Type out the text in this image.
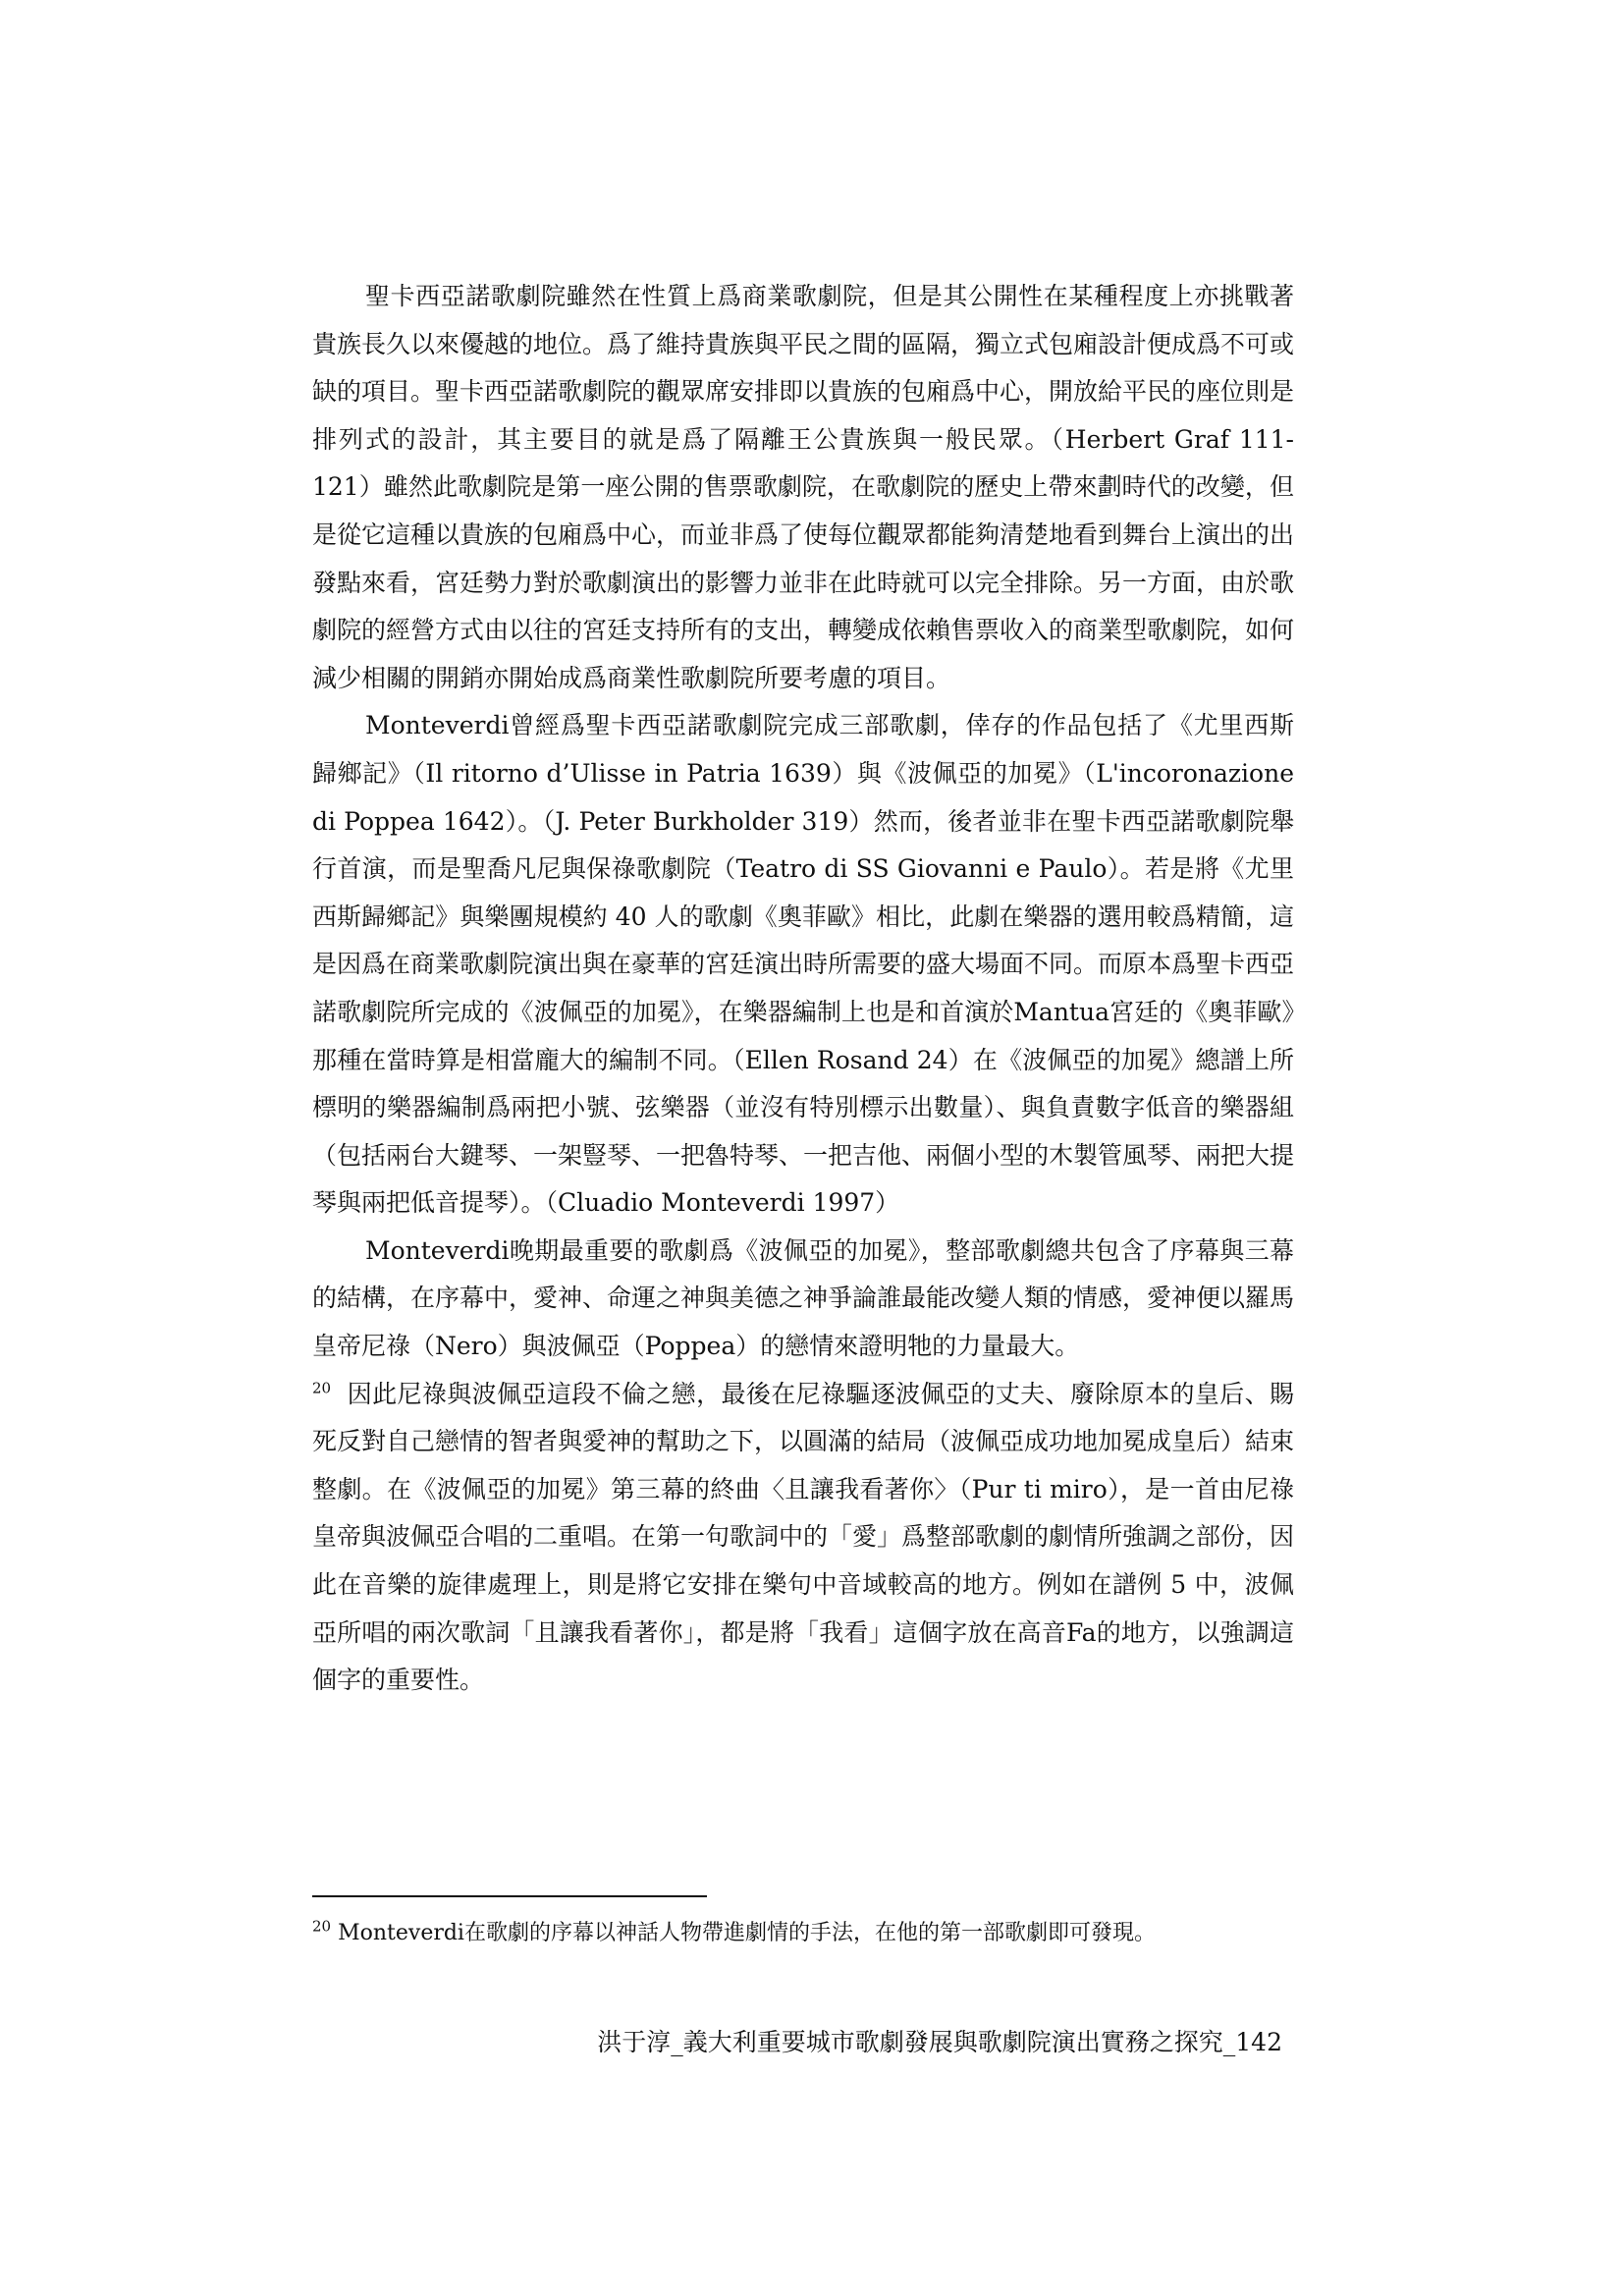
聖卡西亞諾歌劇院雖然在性質上爲商業歌劇院，但是其公開性在某種程度上亦挑戰著貴族長久以來優越的地位。爲了維持貴族與平民之間的區隔，獨立式包廂設計便成爲不可或缺的項目。聖卡西亞諾歌劇院的觀眾席安排即以貴族的包廂爲中心，開放給平民的座位則是排列式的設計，其主要目的就是爲了隔離王公貴族與一般民眾。（Herbert Graf 111-121）雖然此歌劇院是第一座公開的售票歌劇院，在歌劇院的歷史上帶來劃時代的改變，但是從它這種以貴族的包廂爲中心，而並非爲了使每位觀眾都能夠清楚地看到舞台上演出的出發點來看，宮廷勢力對於歌劇演出的影響力並非在此時就可以完全排除。另一方面，由於歌劇院的經營方式由以往的宮廷支持所有的支出，轉變成依賴售票收入的商業型歌劇院，如何減少相關的開銷亦開始成爲商業性歌劇院所要考慮的項目。

Monteverdi曾經爲聖卡西亞諾歌劇院完成三部歌劇，倖存的作品包括了《尤里西斯歸鄉記》（Il ritorno d’Ulisse in Patria 1639）與《波佩亞的加冕》（L'incoronazione di Poppea 1642）。（J. Peter Burkholder 319）然而，後者並非在聖卡西亞諾歌劇院舉行首演，而是聖喬凡尼與保祿歌劇院（Teatro di SS Giovanni e Paulo）。若是將《尤里西斯歸鄉記》與樂團規模約 40 人的歌劇《奧菲歐》相比，此劇在樂器的選用較爲精簡，這是因爲在商業歌劇院演出與在豪華的宮廷演出時所需要的盛大場面不同。而原本爲聖卡西亞諾歌劇院所完成的《波佩亞的加冕》，在樂器編制上也是和首演於Mantua宮廷的《奧菲歐》那種在當時算是相當龐大的編制不同。（Ellen Rosand 24）在《波佩亞的加冕》總譜上所標明的樂器編制爲兩把小號、弦樂器（並沒有特別標示出數量）、與負責數字低音的樂器組（包括兩台大鍵琴、一架豎琴、一把魯特琴、一把吉他、兩個小型的木製管風琴、兩把大提琴與兩把低音提琴）。（Cluadio Monteverdi 1997）

Monteverdi晚期最重要的歌劇爲《波佩亞的加冕》，整部歌劇總共包含了序幕與三幕的結構，在序幕中，愛神、命運之神與美德之神爭論誰最能改變人類的情感，愛神便以羅馬皇帝尼祿（Nero）與波佩亞（Poppea）的戀情來證明牠的力量最大。
$^{20}$ 因此尼祿與波佩亞這段不倫之戀，最後在尼祿驅逐波佩亞的丈夫、廢除原本的皇后、賜死反對自己戀情的智者與愛神的幫助之下，以圓滿的結局（波佩亞成功地加冕成皇后）結束整劇。在《波佩亞的加冕》第三幕的終曲〈且讓我看著你〉（Pur ti miro），是一首由尼祿皇帝與波佩亞合唱的二重唱。在第一句歌詞中的「愛」爲整部歌劇的劇情所強調之部份，因此在音樂的旋律處理上，則是將它安排在樂句中音域較高的地方。例如在譜例 5 中，波佩亞所唱的兩次歌詞「且讓我看著你」，都是將「我看」這個字放在高音Fa的地方，以強調這個字的重要性。

$^{20}$ Monteverdi在歌劇的序幕以神話人物帶進劇情的手法，在他的第一部歌劇即可發現。
洪于淳_義大利重要城市歌劇發展與歌劇院演出實務之探究_142
